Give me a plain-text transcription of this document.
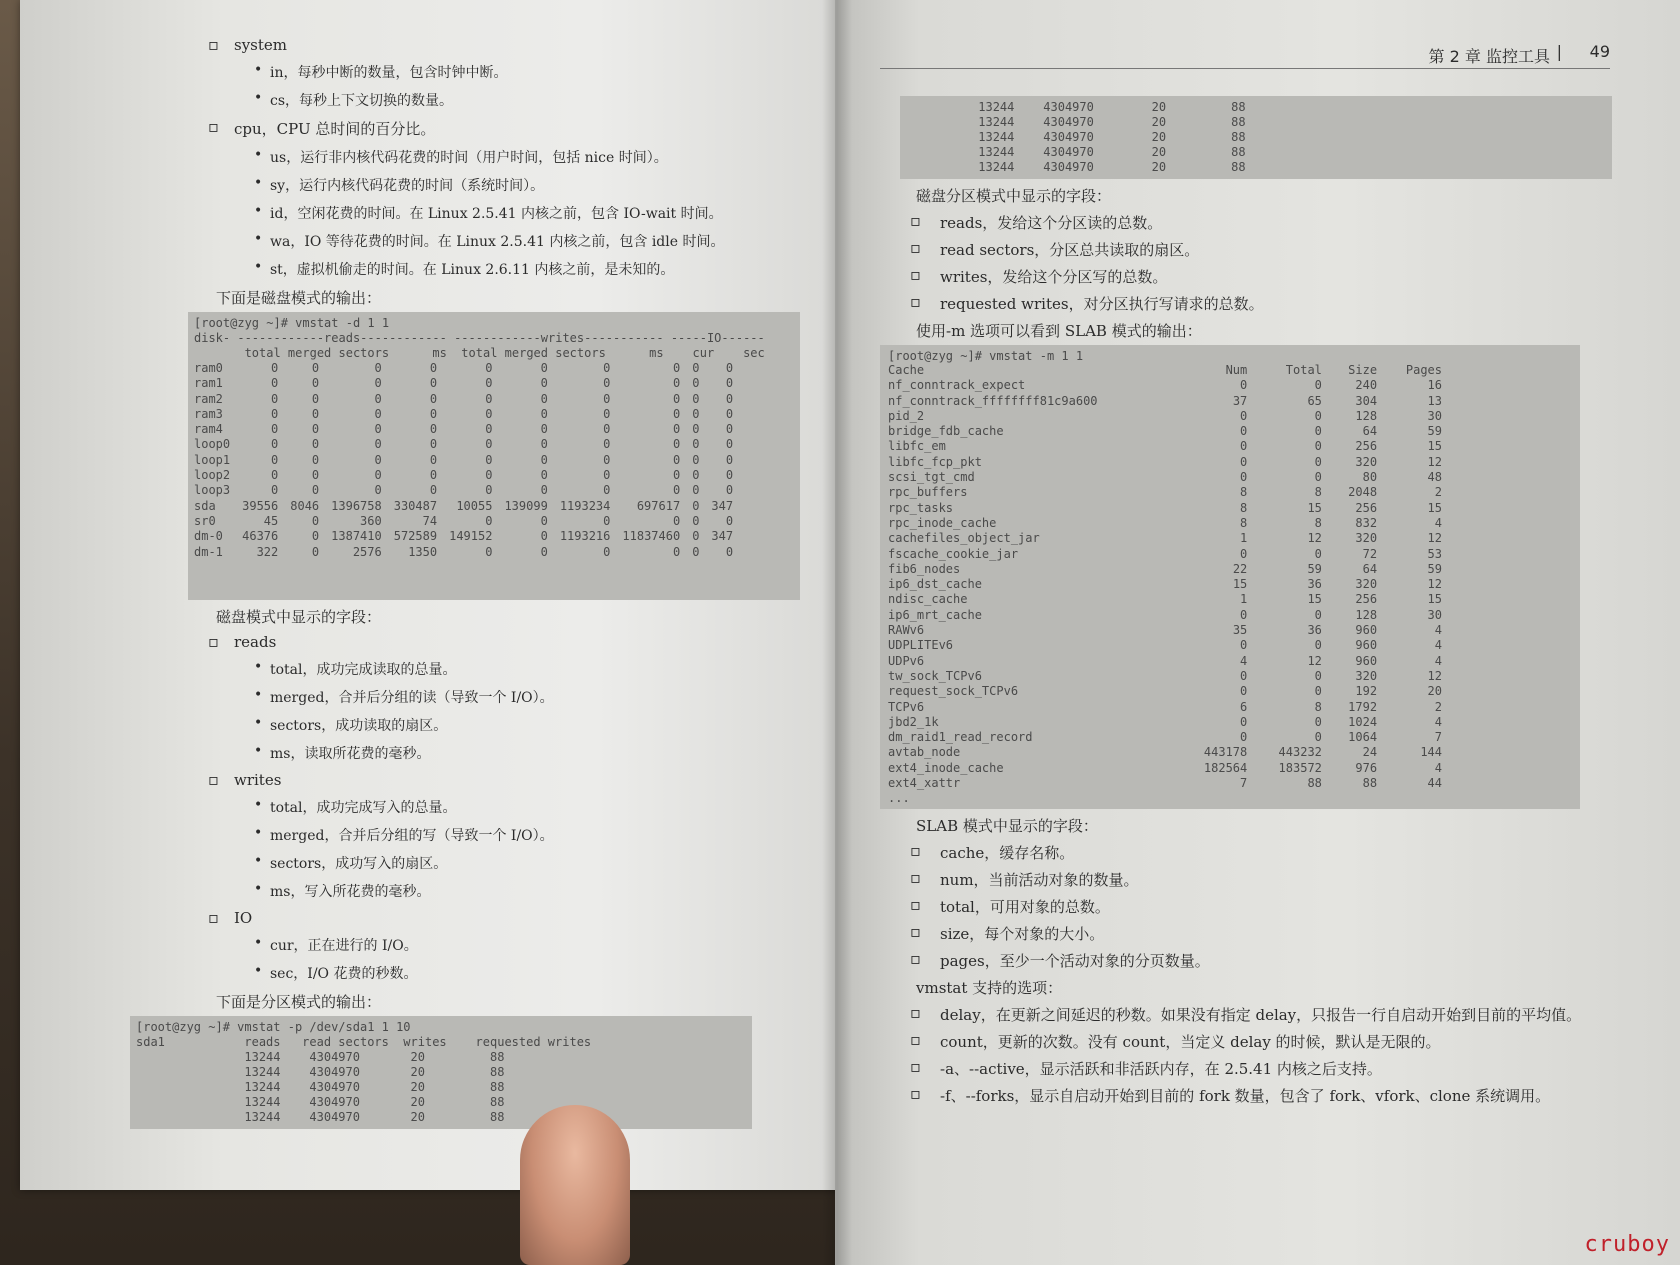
第 2 章 监控工具 | 49
▫ system
• in，每秒中断的数量，包含时钟中断。
• cs，每秒上下文切换的数量。
▫ cpu，CPU 总时间的百分比。
• us，运行非内核代码花费的时间（用户时间，包括 nice 时间）。
• sy，运行内核代码花费的时间（系统时间）。
• id，空闲花费的时间。在 Linux 2.5.41 内核之前，包含 IO-wait 时间。
• wa，IO 等待花费的时间。在 Linux 2.5.41 内核之前，包含 idle 时间。
• st，虚拟机偷走的时间。在 Linux 2.6.11 内核之前，是未知的。
下面是磁盘模式的输出：
[root@zyg ~]# vmstat -d 1 1
disk- ------------reads------------ ------------writes----------- -----IO------
total merged sectors      ms  total merged sectors      ms    cur    sec
ram0	0	0	0	0	0	0	0	0	0	0
ram1	0	0	0	0	0	0	0	0	0	0
ram2	0	0	0	0	0	0	0	0	0	0
ram3	0	0	0	0	0	0	0	0	0	0
ram4	0	0	0	0	0	0	0	0	0	0
loop0	0	0	0	0	0	0	0	0	0	0
loop1	0	0	0	0	0	0	0	0	0	0
loop2	0	0	0	0	0	0	0	0	0	0
loop3	0	0	0	0	0	0	0	0	0	0
sda	39556	8046	1396758	330487	10055	139099	1193234	697617	0	347
sr0	45	0	360	74	0	0	0	0	0	0
dm-0	46376	0	1387410	572589	149152	0	1193216	11837460	0	347
dm-1	322	0	2576	1350	0	0	0	0	0	0
磁盘模式中显示的字段：
▫ reads
• total，成功完成读取的总量。
• merged，合并后分组的读（导致一个 I/O）。
• sectors，成功读取的扇区。
• ms，读取所花费的毫秒。
▫ writes
• total，成功完成写入的总量。
• merged，合并后分组的写（导致一个 I/O）。
• sectors，成功写入的扇区。
• ms，写入所花费的毫秒。
▫ IO
• cur，正在进行的 I/O。
• sec，I/O 花费的秒数。
下面是分区模式的输出：
[root@zyg ~]# vmstat -p /dev/sda1 1 10
sda1           reads   read sectors  writes    requested writes
13244    4304970       20         88
13244    4304970       20         88
13244    4304970       20         88
13244    4304970       20         88
13244    4304970       20         88
13244    4304970        20         88
13244    4304970        20         88
13244    4304970        20         88
13244    4304970        20         88
13244    4304970        20         88
磁盘分区模式中显示的字段：
▫ reads，发给这个分区读的总数。
▫ read sectors，分区总共读取的扇区。
▫ writes，发给这个分区写的总数。
▫ requested writes，对分区执行写请求的总数。
使用-m 选项可以看到 SLAB 模式的输出：
[root@zyg ~]# vmstat -m 1 1
Cache	Num	Total	Size	Pages
nf_conntrack_expect	0	0	240	16
nf_conntrack_ffffffff81c9a600	37	65	304	13
pid_2	0	0	128	30
bridge_fdb_cache	0	0	64	59
libfc_em	0	0	256	15
libfc_fcp_pkt	0	0	320	12
scsi_tgt_cmd	0	0	80	48
rpc_buffers	8	8	2048	2
rpc_tasks	8	15	256	15
rpc_inode_cache	8	8	832	4
cachefiles_object_jar	1	12	320	12
fscache_cookie_jar	0	0	72	53
fib6_nodes	22	59	64	59
ip6_dst_cache	15	36	320	12
ndisc_cache	1	15	256	15
ip6_mrt_cache	0	0	128	30
RAWv6	35	36	960	4
UDPLITEv6	0	0	960	4
UDPv6	4	12	960	4
tw_sock_TCPv6	0	0	320	12
request_sock_TCPv6	0	0	192	20
TCPv6	6	8	1792	2
jbd2_1k	0	0	1024	4
dm_raid1_read_record	0	0	1064	7
avtab_node	443178	443232	24	144
ext4_inode_cache	182564	183572	976	4
ext4_xattr	7	88	88	44
...
SLAB 模式中显示的字段：
▫ cache，缓存名称。
▫ num，当前活动对象的数量。
▫ total，可用对象的总数。
▫ size，每个对象的大小。
▫ pages，至少一个活动对象的分页数量。
vmstat 支持的选项：
▫ delay，在更新之间延迟的秒数。如果没有指定 delay，只报告一行自启动开始到目前的平均值。
▫ count，更新的次数。没有 count，当定义 delay 的时候，默认是无限的。
▫ -a、--active，显示活跃和非活跃内存，在 2.5.41 内核之后支持。
▫ -f、--forks，显示自启动开始到目前的 fork 数量，包含了 fork、vfork、clone 系统调用。
cruboy
